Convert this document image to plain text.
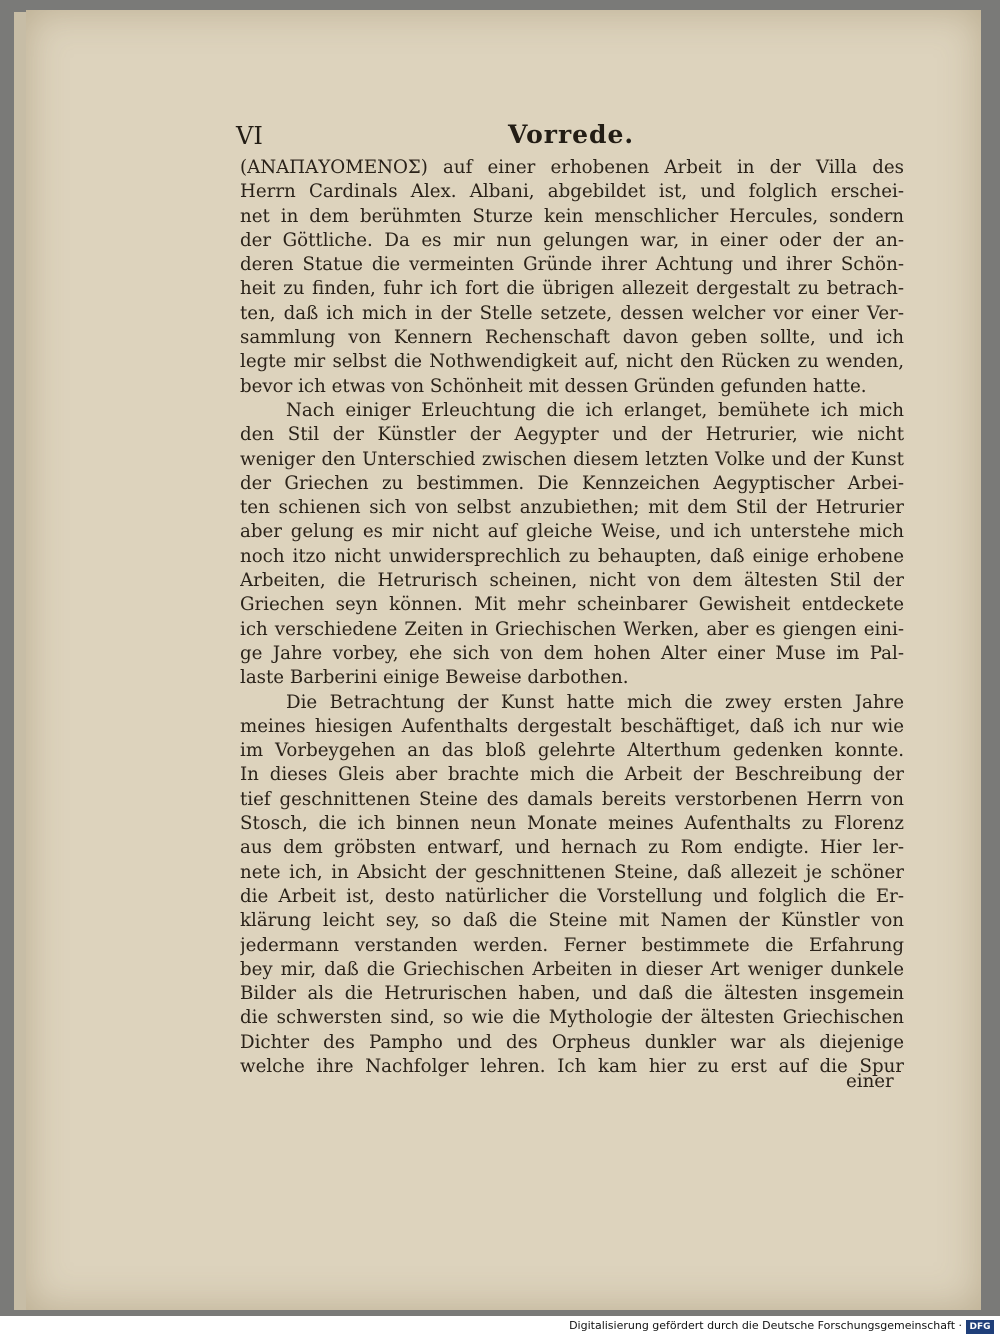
VI	Vorrede.
(ΑΝΑΠΑΥΟΜΕΝΟΣ) auf einer erhobenen Arbeit in der Villa des
Herrn Cardinals Alex. Albani, abgebildet ist, und folglich erschei-
net in dem berühmten Sturze kein menschlicher Hercules, sondern
der Göttliche. Da es mir nun gelungen war, in einer oder der an-
deren Statue die vermeinten Gründe ihrer Achtung und ihrer Schön-
heit zu finden, fuhr ich fort die übrigen allezeit dergestalt zu betrach-
ten, daß ich mich in der Stelle setzete, dessen welcher vor einer Ver-
sammlung von Kennern Rechenschaft davon geben sollte, und ich
legte mir selbst die Nothwendigkeit auf, nicht den Rücken zu wenden,
bevor ich etwas von Schönheit mit dessen Gründen gefunden hatte.
Nach einiger Erleuchtung die ich erlanget, bemühete ich mich
den Stil der Künstler der Aegypter und der Hetrurier, wie nicht
weniger den Unterschied zwischen diesem letzten Volke und der Kunst
der Griechen zu bestimmen. Die Kennzeichen Aegyptischer Arbei-
ten schienen sich von selbst anzubiethen; mit dem Stil der Hetrurier
aber gelung es mir nicht auf gleiche Weise, und ich unterstehe mich
noch itzo nicht unwidersprechlich zu behaupten, daß einige erhobene
Arbeiten, die Hetrurisch scheinen, nicht von dem ältesten Stil der
Griechen seyn können. Mit mehr scheinbarer Gewisheit entdeckete
ich verschiedene Zeiten in Griechischen Werken, aber es giengen eini-
ge Jahre vorbey, ehe sich von dem hohen Alter einer Muse im Pal-
laste Barberini einige Beweise darbothen.
Die Betrachtung der Kunst hatte mich die zwey ersten Jahre
meines hiesigen Aufenthalts dergestalt beschäftiget, daß ich nur wie
im Vorbeygehen an das bloß gelehrte Alterthum gedenken konnte.
In dieses Gleis aber brachte mich die Arbeit der Beschreibung der
tief geschnittenen Steine des damals bereits verstorbenen Herrn von
Stosch, die ich binnen neun Monate meines Aufenthalts zu Florenz
aus dem gröbsten entwarf, und hernach zu Rom endigte. Hier ler-
nete ich, in Absicht der geschnittenen Steine, daß allezeit je schöner
die Arbeit ist, desto natürlicher die Vorstellung und folglich die Er-
klärung leicht sey, so daß die Steine mit Namen der Künstler von
jedermann verstanden werden. Ferner bestimmete die Erfahrung
bey mir, daß die Griechischen Arbeiten in dieser Art weniger dunkele
Bilder als die Hetrurischen haben, und daß die ältesten insgemein
die schwersten sind, so wie die Mythologie der ältesten Griechischen
Dichter des Pampho und des Orpheus dunkler war als diejenige
welche ihre Nachfolger lehren. Ich kam hier zu erst auf die Spur
einer
Digitalisierung gefördert durch die Deutsche Forschungsgemeinschaft · DFG
